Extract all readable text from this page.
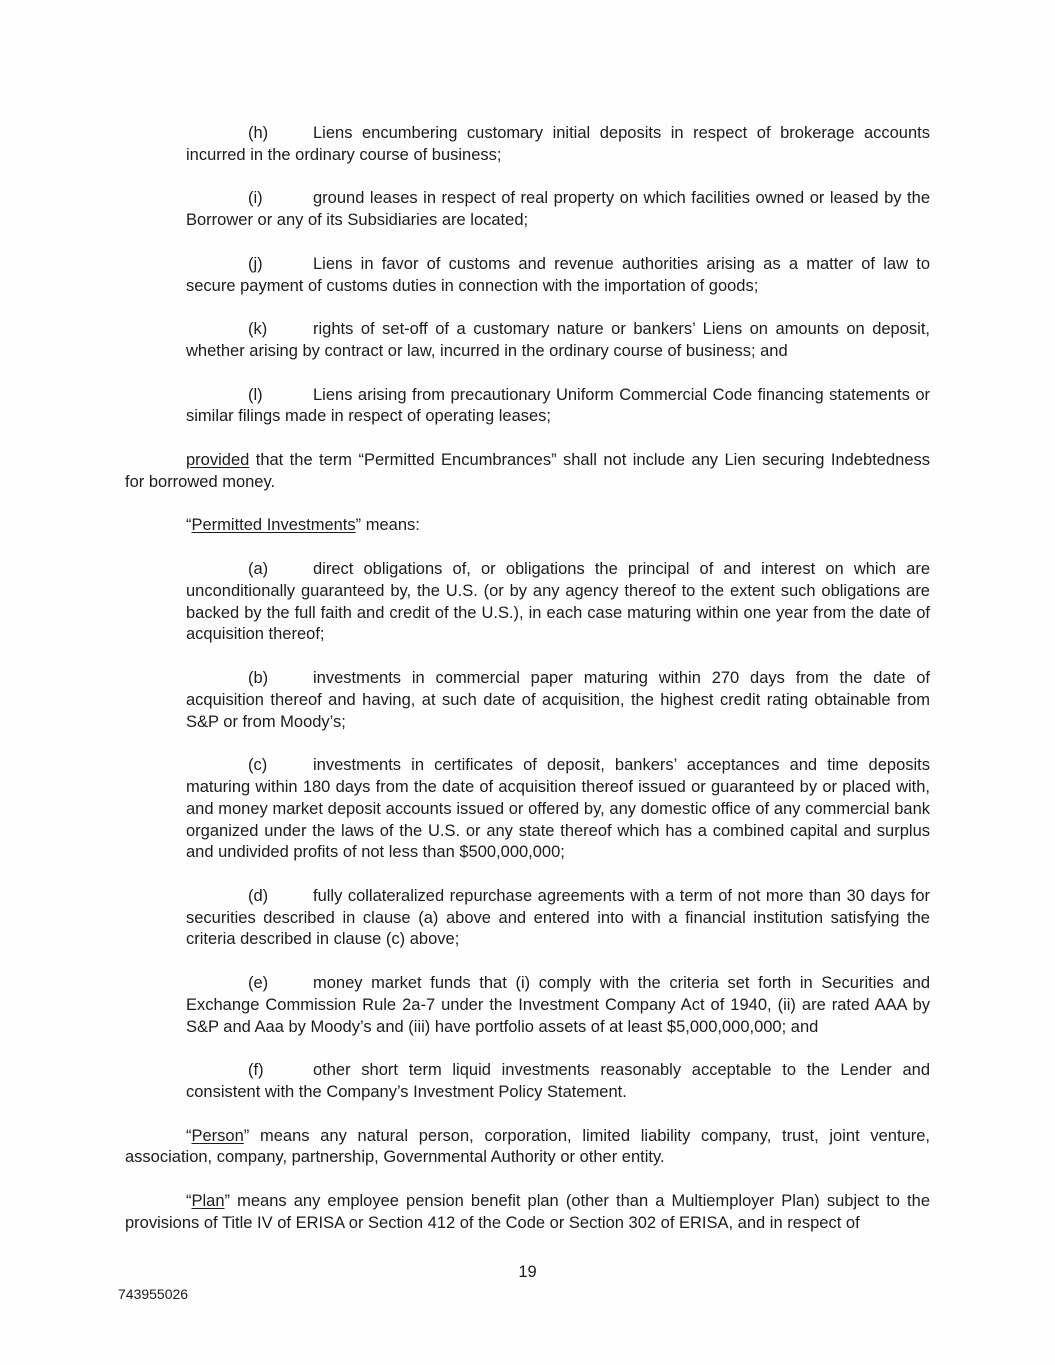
(h)	Liens encumbering customary initial deposits in respect of brokerage accounts incurred in the ordinary course of business;

(i)	ground leases in respect of real property on which facilities owned or leased by the Borrower or any of its Subsidiaries are located;

(j)	Liens in favor of customs and revenue authorities arising as a matter of law to secure payment of customs duties in connection with the importation of goods;

(k)	rights of set-off of a customary nature or bankers’ Liens on amounts on deposit, whether arising by contract or law, incurred in the ordinary course of business; and

(l)	Liens arising from precautionary Uniform Commercial Code financing statements or similar filings made in respect of operating leases;

provided that the term “Permitted Encumbrances” shall not include any Lien securing Indebtedness for borrowed money.

“Permitted Investments” means:

(a)	direct obligations of, or obligations the principal of and interest on which are unconditionally guaranteed by, the U.S. (or by any agency thereof to the extent such obligations are backed by the full faith and credit of the U.S.), in each case maturing within one year from the date of acquisition thereof;

(b)	investments in commercial paper maturing within 270 days from the date of acquisition thereof and having, at such date of acquisition, the highest credit rating obtainable from S&P or from Moody’s;

(c)	investments in certificates of deposit, bankers’ acceptances and time deposits maturing within 180 days from the date of acquisition thereof issued or guaranteed by or placed with, and money market deposit accounts issued or offered by, any domestic office of any commercial bank organized under the laws of the U.S. or any state thereof which has a combined capital and surplus and undivided profits of not less than $500,000,000;

(d)	fully collateralized repurchase agreements with a term of not more than 30 days for securities described in clause (a) above and entered into with a financial institution satisfying the criteria described in clause (c) above;

(e)	money market funds that (i) comply with the criteria set forth in Securities and Exchange Commission Rule 2a-7 under the Investment Company Act of 1940, (ii) are rated AAA by S&P and Aaa by Moody’s and (iii) have portfolio assets of at least $5,000,000,000; and

(f)	other short term liquid investments reasonably acceptable to the Lender and consistent with the Company’s Investment Policy Statement.

“Person” means any natural person, corporation, limited liability company, trust, joint venture, association, company, partnership, Governmental Authority or other entity.

“Plan” means any employee pension benefit plan (other than a Multiemployer Plan) subject to the provisions of Title IV of ERISA or Section 412 of the Code or Section 302 of ERISA, and in respect of

19
743955026
